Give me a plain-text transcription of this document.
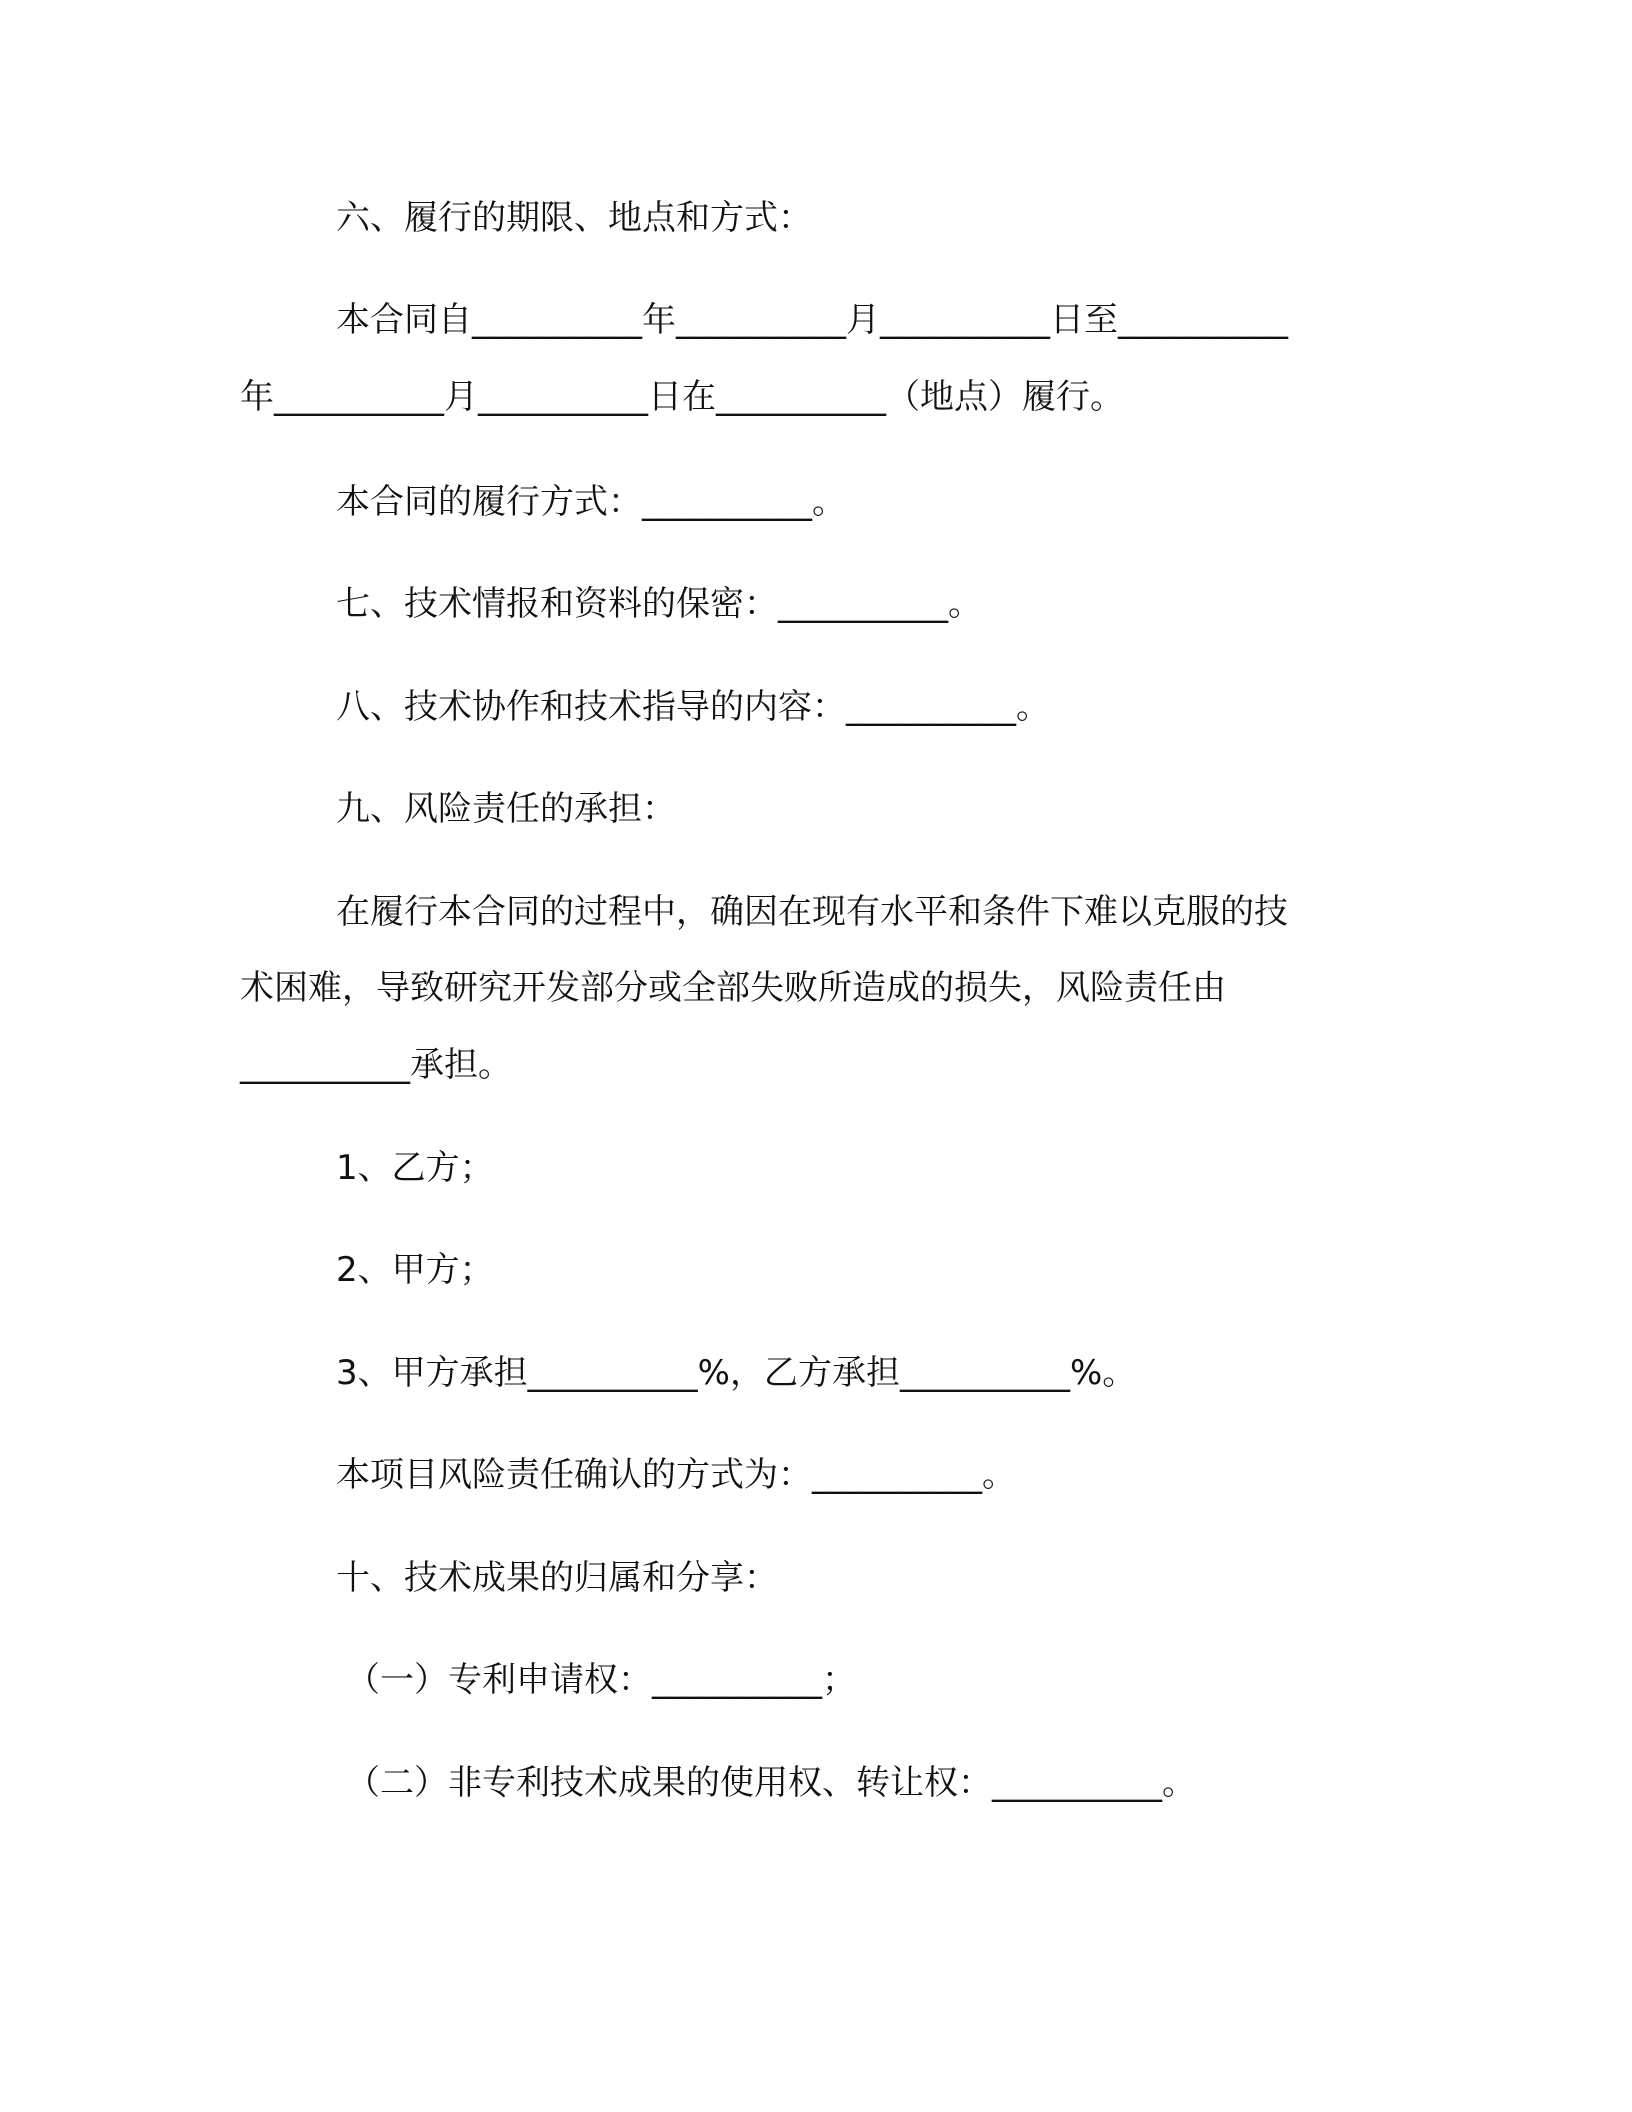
六、履行的期限、地点和方式：
本合同自__________年__________月__________日至__________
年__________月__________日在__________（地点）履行。
本合同的履行方式：__________。
七、技术情报和资料的保密：__________。
八、技术协作和技术指导的内容：__________。
九、风险责任的承担：
在履行本合同的过程中，确因在现有水平和条件下难以克服的技
术困难，导致研究开发部分或全部失败所造成的损失，风险责任由
__________承担。
1、乙方；
2、甲方；
3、甲方承担__________%，乙方承担__________%。
本项目风险责任确认的方式为：__________。
十、技术成果的归属和分享：
（一）专利申请权：__________；
（二）非专利技术成果的使用权、转让权：__________。
